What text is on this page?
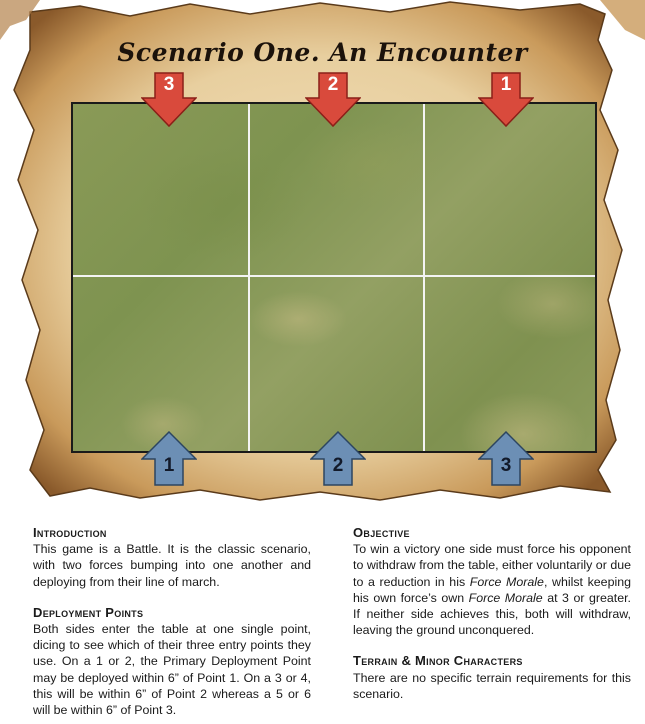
Scenario One. An Encounter
3	2	1
1	2	3
Introduction

This game is a Battle. It is the classic scenario, with two forces bumping into one another and deploying from their line of march.

Deployment Points

Both sides enter the table at one single point, dicing to see which of their three entry points they use. On a 1 or 2, the Primary Deployment Point may be deployed within 6” of Point 1. On a 3 or 4, this will be within 6” of Point 2 whereas a 5 or 6 will be within 6” of Point 3.

Objective

To win a victory one side must force his opponent to withdraw from the table, either voluntarily or due to a reduction in his Force Morale, whilst keeping his own force’s own Force Morale at 3 or greater. If neither side achieves this, both will withdraw, leaving the ground unconquered.

Terrain & Minor Characters

There are no specific terrain requirements for this scenario.
